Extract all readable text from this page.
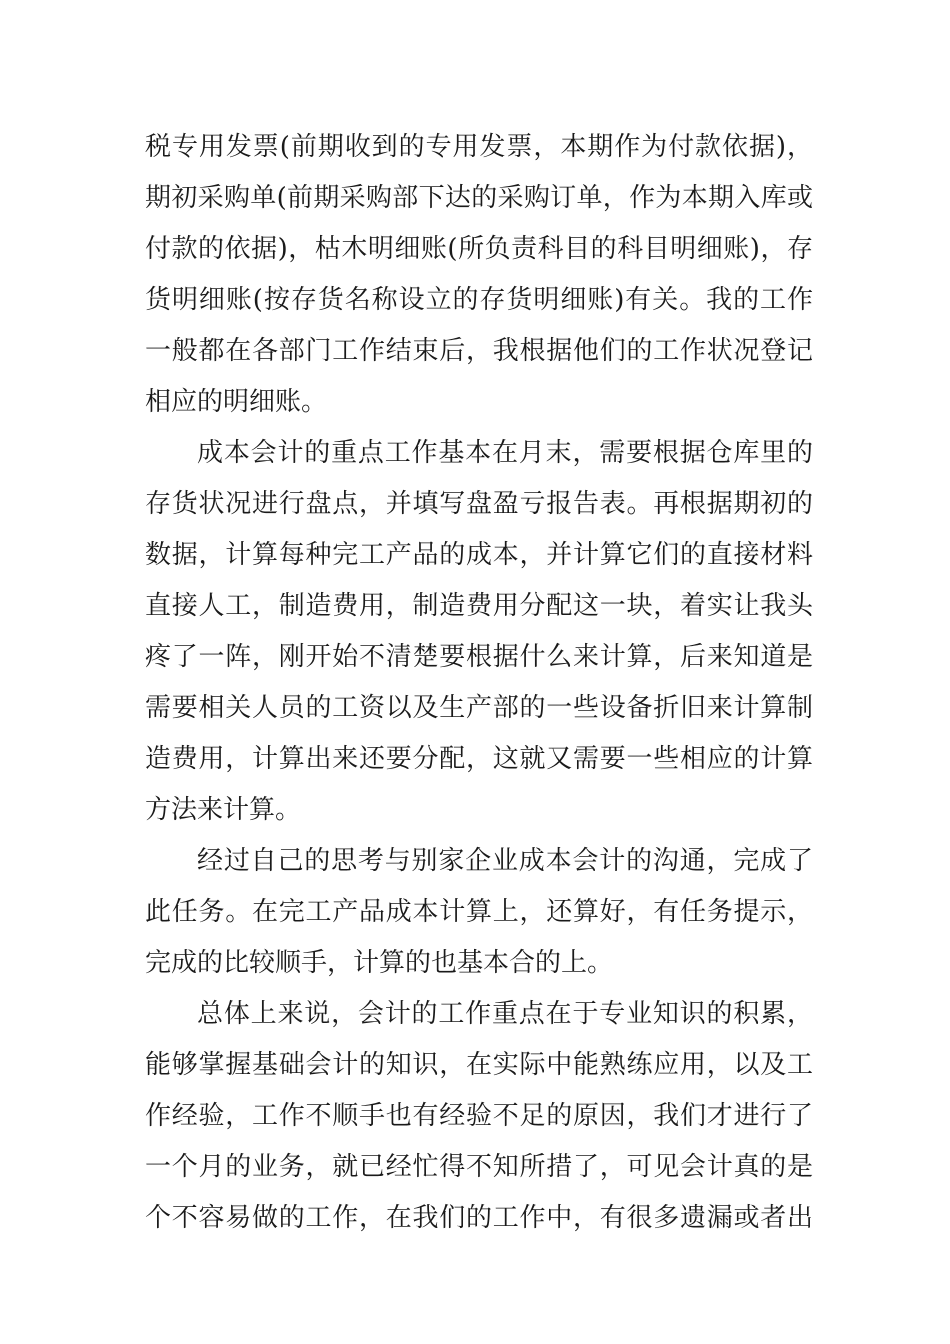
税专用发票(前期收到的专用发票，本期作为付款依据)，
期初采购单(前期采购部下达的采购订单，作为本期入库或
付款的依据)，枯木明细账(所负责科目的科目明细账)，存
货明细账(按存货名称设立的存货明细账)有关。我的工作
一般都在各部门工作结束后，我根据他们的工作状况登记
相应的明细账。
成本会计的重点工作基本在月末，需要根据仓库里的
存货状况进行盘点，并填写盘盈亏报告表。再根据期初的
数据，计算每种完工产品的成本，并计算它们的直接材料
直接人工，制造费用，制造费用分配这一块，着实让我头
疼了一阵，刚开始不清楚要根据什么来计算，后来知道是
需要相关人员的工资以及生产部的一些设备折旧来计算制
造费用，计算出来还要分配，这就又需要一些相应的计算
方法来计算。
经过自己的思考与别家企业成本会计的沟通，完成了
此任务。在完工产品成本计算上，还算好，有任务提示，
完成的比较顺手，计算的也基本合的上。
总体上来说，会计的工作重点在于专业知识的积累，
能够掌握基础会计的知识，在实际中能熟练应用，以及工
作经验，工作不顺手也有经验不足的原因，我们才进行了
一个月的业务，就已经忙得不知所措了，可见会计真的是
个不容易做的工作，在我们的工作中，有很多遗漏或者出
